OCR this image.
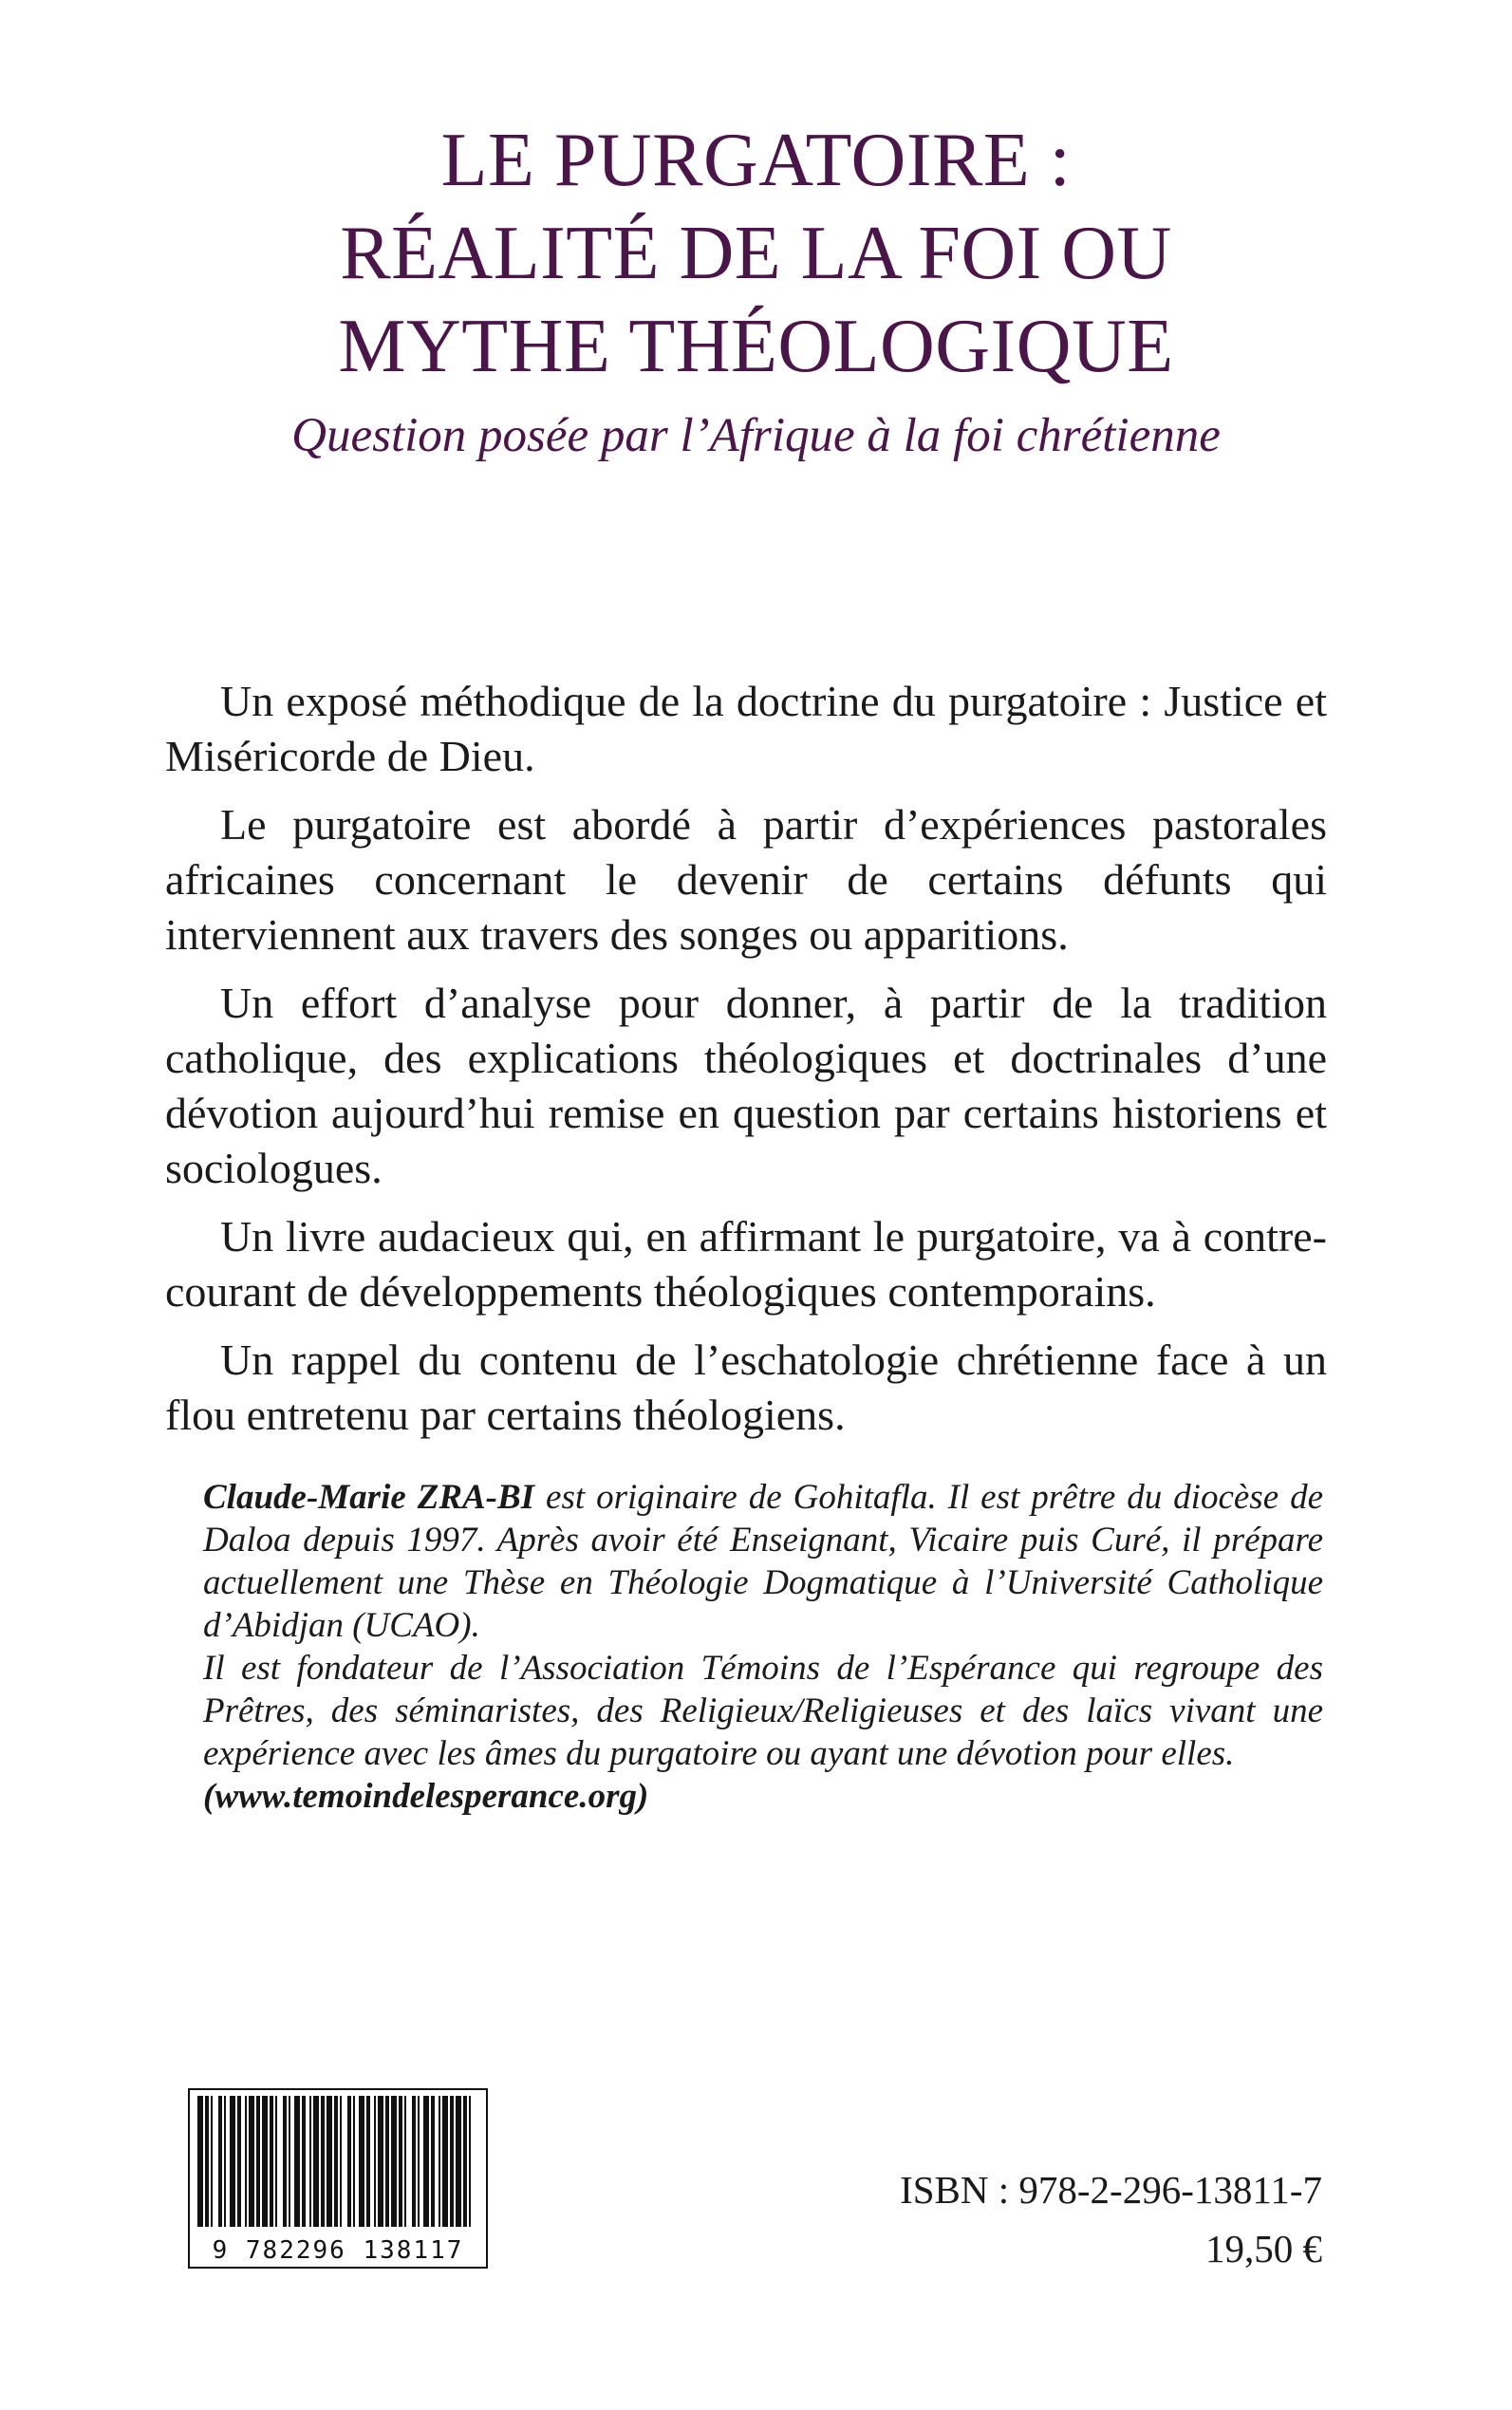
LE PURGATOIRE :
RÉALITÉ DE LA FOI OU
MYTHE THÉOLOGIQUE
Question posée par l’Afrique à la foi chrétienne

Un exposé méthodique de la doctrine du purgatoire : Justice et Miséricorde de Dieu.

Le purgatoire est abordé à partir d’expériences pastorales africaines concernant le devenir de certains défunts qui interviennent aux travers des songes ou apparitions.

Un effort d’analyse pour donner, à partir de la tradition catholique, des explications théologiques et doctrinales d’une dévotion aujourd’hui remise en question par certains historiens et sociologues.

Un livre audacieux qui, en affirmant le purgatoire, va à contre-courant de développements théologiques contemporains.

Un rappel du contenu de l’eschatologie chrétienne face à un flou entretenu par certains théologiens.

Claude-Marie ZRA-BI est originaire de Gohitafla. Il est prêtre du diocèse de Daloa depuis 1997. Après avoir été Enseignant, Vicaire puis Curé, il prépare actuellement une Thèse en Théologie Dogmatique à l’Université Catholique d’Abidjan (UCAO).

Il est fondateur de l’Association Témoins de l’Espérance qui regroupe des Prêtres, des séminaristes, des Religieux/Religieuses et des laïcs vivant une expérience avec les âmes du purgatoire ou ayant une dévotion pour elles.

(www.temoindelesperance.org)

9 782296 138117
ISBN : 978-2-296-13811-7
19,50 €
